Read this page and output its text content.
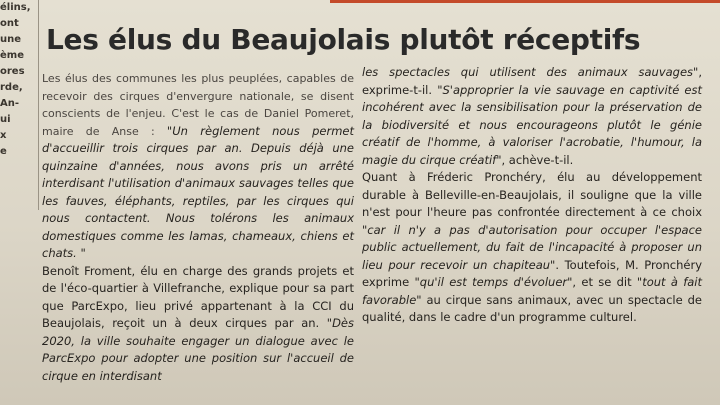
élins,
ont
une
ème
ores
rde,
An-
ui
x
e
Les élus du Beaujolais plutôt réceptifs

Les élus des communes les plus peuplées, capables de recevoir des cirques d'envergure nationale, se disent conscients de l'enjeu. C'est le cas de Daniel Pomeret, maire de Anse : "Un règlement nous permet d'accueillir trois cirques par an. Depuis déjà une quinzaine d'années, nous avons pris un arrêté interdisant l'utilisation d'animaux sauvages telles que les fauves, éléphants, reptiles, par les cirques qui nous contactent. Nous tolérons les animaux domestiques comme les lamas, chameaux, chiens et chats. "

Benoît Froment, élu en charge des grands projets et de l'éco-quartier à Villefranche, explique pour sa part que ParcExpo, lieu privé appartenant à la CCI du Beaujolais, reçoit un à deux cirques par an. "Dès 2020, la ville souhaite engager un dialogue avec le ParcExpo pour adopter une position sur l'accueil de cirque en interdisant

les spectacles qui utilisent des animaux sauvages", exprime-t-il. "S'approprier la vie sauvage en captivité est incohérent avec la sensibilisation pour la préservation de la biodiversité et nous encourageons plutôt le génie créatif de l'homme, à valoriser l'acrobatie, l'humour, la magie du cirque créatif", achève-t-il.

Quant à Fréderic Pronchéry, élu au développement durable à Belleville-en-Beaujolais, il souligne que la ville n'est pour l'heure pas confrontée directement à ce choix "car il n'y a pas d'autorisation pour occuper l'espace public actuellement, du fait de l'incapacité à proposer un lieu pour recevoir un chapiteau". Toutefois, M. Pronchéry exprime "qu'il est temps d'évoluer", et se dit "tout à fait favorable" au cirque sans animaux, avec un spectacle de qualité, dans le cadre d'un programme culturel.
